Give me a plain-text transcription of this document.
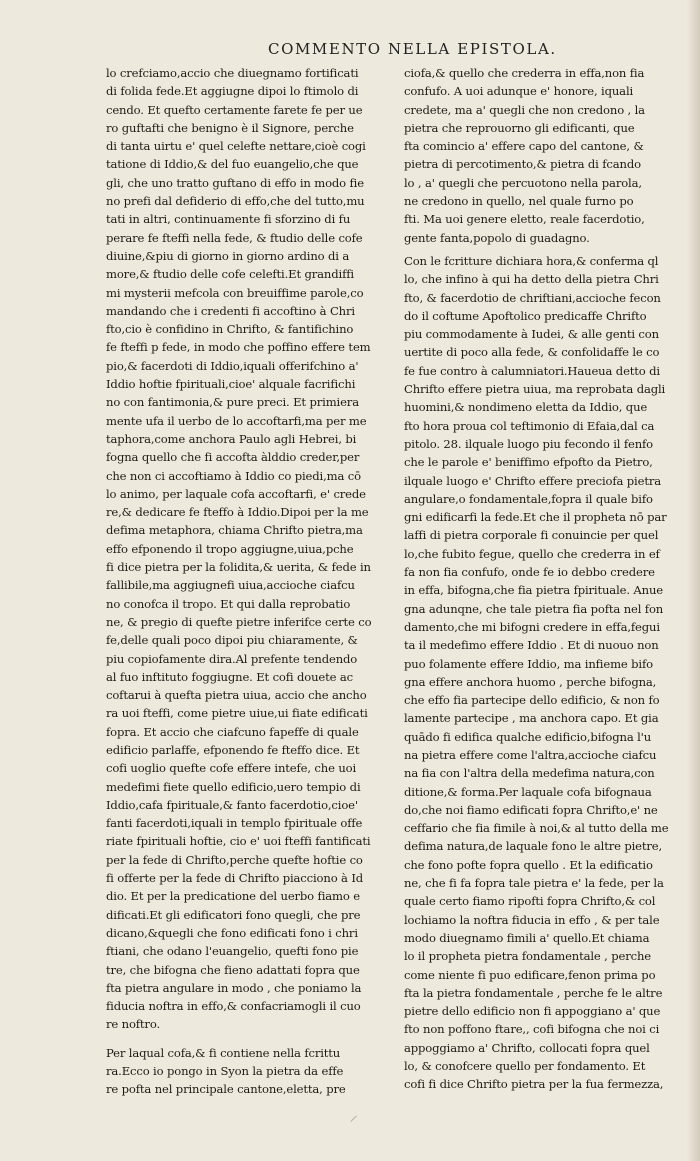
COMMENTO NELLA EPISTOLA.
lo crefciamo,accio che diuegnamo fortificati
di folida fede.Et aggiugne dipoi lo ftimolo di
cendo. Et quefto certamente farete fe per ue
ro guftafti che benigno è il Signore, perche
di tanta uirtu e' quel celefte nettare,cioè cogi
tatione di Iddio,& del fuo euangelio,che que
gli, che uno tratto guftano di effo in modo fie
no prefi dal defiderio di effo,che del tutto,mu
tati in altri, continuamente fi sforzino di fu
perare fe fteffi nella fede, & ftudio delle cofe
diuine,&piu di giorno in giorno ardino di a
more,& ftudio delle cofe celefti.Et grandiffi
mi mysterii mefcola con breuiffime parole,co
mandando che i credenti fi accoftino à Chri
fto,cio è confidino in Chrifto, & fantifichino
fe fteffi p fede, in modo che poffino effere tem
pio,& facerdoti di Iddio,iquali offerifchino a'
Iddio hoftie fpirituali,cioe' alquale facrifichi
no con fantimonia,& pure preci. Et primiera
mente ufa il uerbo de lo accoftarfi,ma per me
taphora,come anchora Paulo agli Hebrei, bi
fogna quello che fi accofta àlddio creder,per
che non ci accoftiamo à Iddio co piedi,ma cō
lo animo, per laquale cofa accoftarfi, e' crede
re,& dedicare fe fteffo à Iddio.Dipoi per la me
defima metaphora, chiama Chrifto pietra,ma
effo efponendo il tropo aggiugne,uiua,pche
fi dice pietra per la folidita,& uerita, & fede in
fallibile,ma aggiugnefi uiua,accioche ciafcu
no conofca il tropo. Et qui dalla reprobatio
ne, & pregio di quefte pietre inferifce certe co
fe,delle quali poco dipoi piu chiaramente, &
piu copiofamente dira.Al prefente tendendo
al fuo inftituto foggiugne. Et cofi douete ac
coftarui à quefta pietra uiua, accio che ancho
ra uoi fteffi, come pietre uiue,ui fiate edificati
fopra. Et accio che ciafcuno fapeffe di quale
edificio parlaffe, efponendo fe fteffo dice. Et
cofi uoglio quefte cofe effere intefe, che uoi
medefimi fiete quello edificio,uero tempio di
Iddio,cafa fpirituale,& fanto facerdotio,cioe'
fanti facerdoti,iquali in templo fpirituale offe
riate fpirituali hoftie, cio e' uoi fteffi fantificati
per la fede di Chrifto,perche quefte hoftie co
fi offerte per la fede di Chrifto piacciono à Id
dio. Et per la predicatione del uerbo fiamo e
dificati.Et gli edificatori fono quegli, che pre
dicano,&quegli che fono edificati fono i chri
ftiani, che odano l'euangelio, quefti fono pie
tre, che bifogna che fieno adattati fopra que
fta pietra angulare in modo , che poniamo la
fiducia noftra in effo,& confacriamogli il cuo
re noftro.
Per laqual cofa,& fi contiene nella fcrittu
ra.Ecco io pongo in Syon la pietra da effe
re pofta nel principale cantone,eletta, pre
ciofa,& quello che crederra in effa,non fia
confufo. A uoi adunque e' honore, iquali
credete, ma a' quegli che non credono , la
pietra che reprouorno gli edificanti, que
fta comincio a' effere capo del cantone, &
pietra di percotimento,& pietra di fcando
lo , a' quegli che percuotono nella parola,
ne credono in quello, nel quale furno po
fti. Ma uoi genere eletto, reale facerdotio,
gente fanta,popolo di guadagno.
Con le fcritture dichiara hora,& conferma ql
lo, che infino à qui ha detto della pietra Chri
fto, & facerdotio de chriftiani,accioche fecon
do il coftume Apoftolico predicaffe Chrifto
piu commodamente à Iudei, & alle genti con
uertite di poco alla fede, & confolidaffe le co
fe fue contro à calumniatori.Haueua detto di
Chrifto effere pietra uiua, ma reprobata dagli
huomini,& nondimeno eletta da Iddio, que
fto hora proua col teftimonio di Efaia,dal ca
pitolo. 28. ilquale luogo piu fecondo il fenfo
che le parole e' beniffimo efpofto da Pietro,
ilquale luogo e' Chrifto effere preciofa pietra
angulare,o fondamentale,fopra il quale bifo
gni edificarfi la fede.Et che il propheta nō par
laffi di pietra corporale fi conuincie per quel
lo,che fubito fegue, quello che crederra in ef
fa non fia confufo, onde fe io debbo credere
in effa, bifogna,che fia pietra fpirituale. Anue
gna adunqne, che tale pietra fia pofta nel fon
damento,che mi bifogni credere in effa,fegui
ta il medefimo effere Iddio . Et di nuouo non
puo folamente effere Iddio, ma infieme bifo
gna effere anchora huomo , perche bifogna,
che effo fia partecipe dello edificio, & non fo
lamente partecipe , ma anchora capo. Et gia
quādo fi edifica qualche edificio,bifogna l'u
na pietra effere come l'altra,accioche ciafcu
na fia con l'altra della medefima natura,con
ditione,& forma.Per laquale cofa bifognaua
do,che noi fiamo edificati fopra Chrifto,e' ne
ceffario che fia fimile à noi,& al tutto della me
defima natura,de laquale fono le altre pietre,
che fono pofte fopra quello . Et la edificatio
ne, che fi fa fopra tale pietra e' la fede, per la
quale certo fiamo ripofti fopra Chrifto,& col
lochiamo la noftra fiducia in effo , & per tale
modo diuegnamo fimili a' quello.Et chiama
lo il propheta pietra fondamentale , perche
come niente fi puo edificare,fenon prima po
fta la pietra fondamentale , perche fe le altre
pietre dello edificio non fi appoggiano a' que
fto non poffono ftare,, cofi bifogna che noi ci
appoggiamo a' Chrifto, collocati fopra quel
lo, & conofcere quello per fondamento. Et
cofi fi dice Chrifto pietra per la fua fermezza,
